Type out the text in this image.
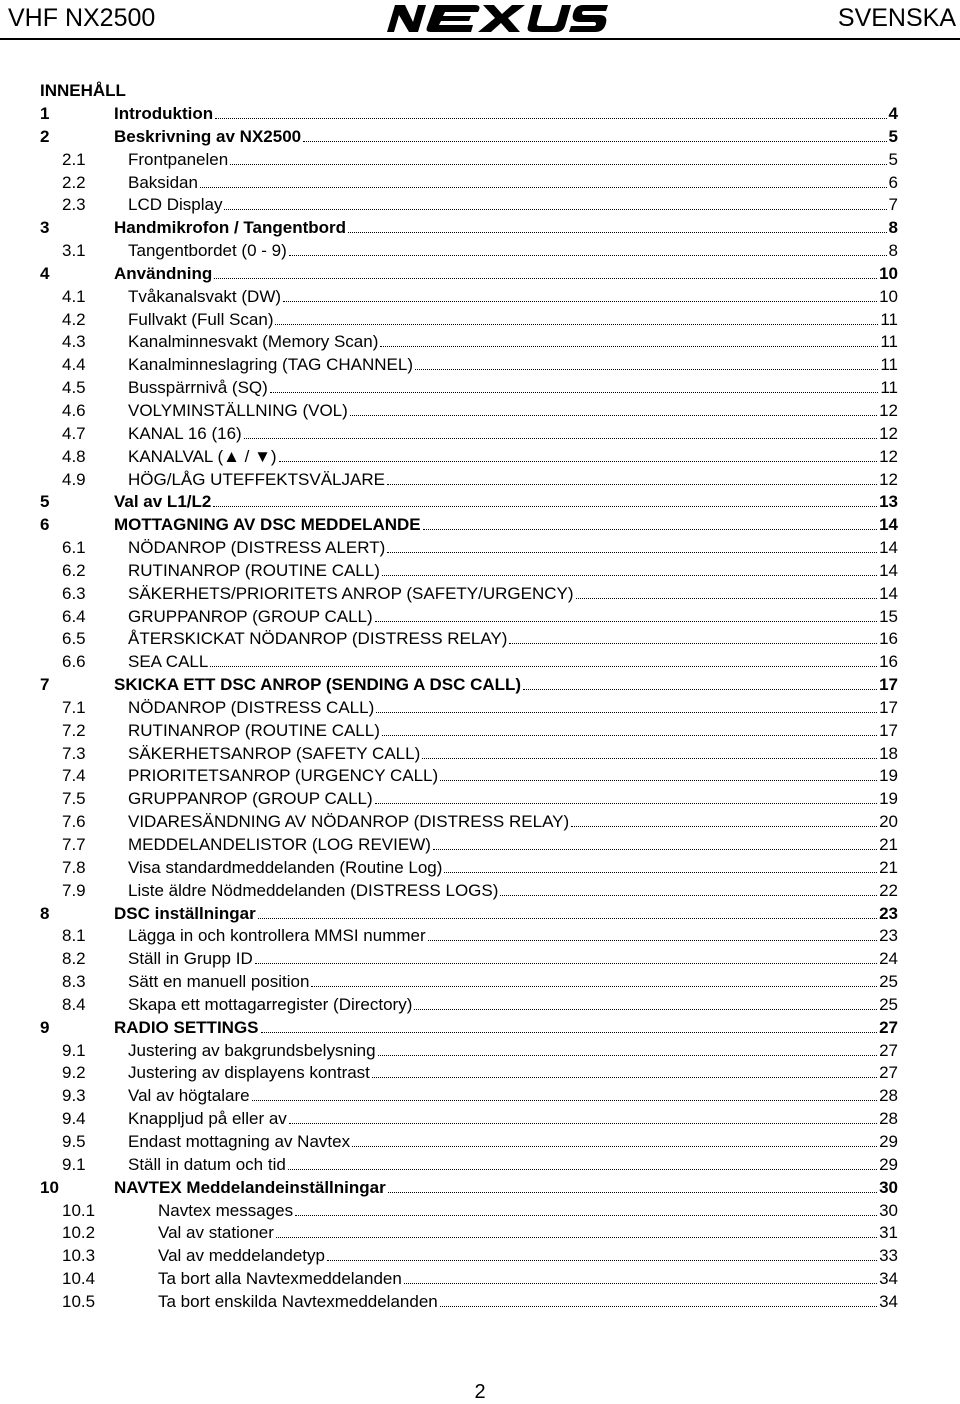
VHF NX2500	SVENSKA
INNEHÅLL
1	Introduktion	4
2	Beskrivning av NX2500	5
2.1 Frontpanelen	5
2.2 Baksidan	6
2.3 LCD Display	7
3	Handmikrofon / Tangentbord	8
3.1 Tangentbordet (0 - 9)	8
4	Användning	10
4.1 Tvåkanalsvakt (DW)	10
4.2 Fullvakt (Full Scan)	11
4.3 Kanalminnesvakt (Memory Scan)	11
4.4 Kanalminneslagring (TAG CHANNEL)	11
4.5 Busspärrnivå (SQ)	11
4.6 VOLYMINSTÄLLNING (VOL)	12
4.7 KANAL 16 (16)	12
4.8 KANALVAL (▲ / ▼)	12
4.9 HÖG/LÅG UTEFFEKTSVÄLJARE	12
5	Val av L1/L2	13
6	MOTTAGNING AV DSC MEDDELANDE	14
6.1 NÖDANROP (DISTRESS ALERT)	14
6.2 RUTINANROP (ROUTINE CALL)	14
6.3 SÄKERHETS/PRIORITETS ANROP (SAFETY/URGENCY)	14
6.4 GRUPPANROP (GROUP CALL)	15
6.5 ÅTERSKICKAT NÖDANROP (DISTRESS RELAY)	16
6.6 SEA CALL	16
7	SKICKA ETT DSC ANROP (SENDING A DSC CALL)	17
7.1 NÖDANROP (DISTRESS CALL)	17
7.2 RUTINANROP (ROUTINE CALL)	17
7.3 SÄKERHETSANROP (SAFETY CALL)	18
7.4 PRIORITETSANROP (URGENCY CALL)	19
7.5 GRUPPANROP (GROUP CALL)	19
7.6 VIDARESÄNDNING AV NÖDANROP (DISTRESS RELAY)	20
7.7 MEDDELANDELISTOR (LOG REVIEW)	21
7.8 Visa standardmeddelanden (Routine Log)	21
7.9 Liste äldre Nödmeddelanden (DISTRESS LOGS)	22
8	DSC inställningar	23
8.1 Lägga in och kontrollera MMSI nummer	23
8.2 Ställ in Grupp ID	24
8.3 Sätt en manuell position	25
8.4 Skapa ett mottagarregister (Directory)	25
9	RADIO SETTINGS	27
9.1 Justering av bakgrundsbelysning	27
9.2 Justering av displayens kontrast	27
9.3 Val av högtalare	28
9.4 Knappljud på eller av	28
9.5 Endast mottagning av Navtex	29
9.1 Ställ in datum och tid	29
10	NAVTEX Meddelandeinställningar	30
10.1	Navtex messages	30
10.2	Val av stationer	31
10.3	Val av meddelandetyp	33
10.4	Ta bort alla Navtexmeddelanden	34
10.5	Ta bort enskilda Navtexmeddelanden	34
2
